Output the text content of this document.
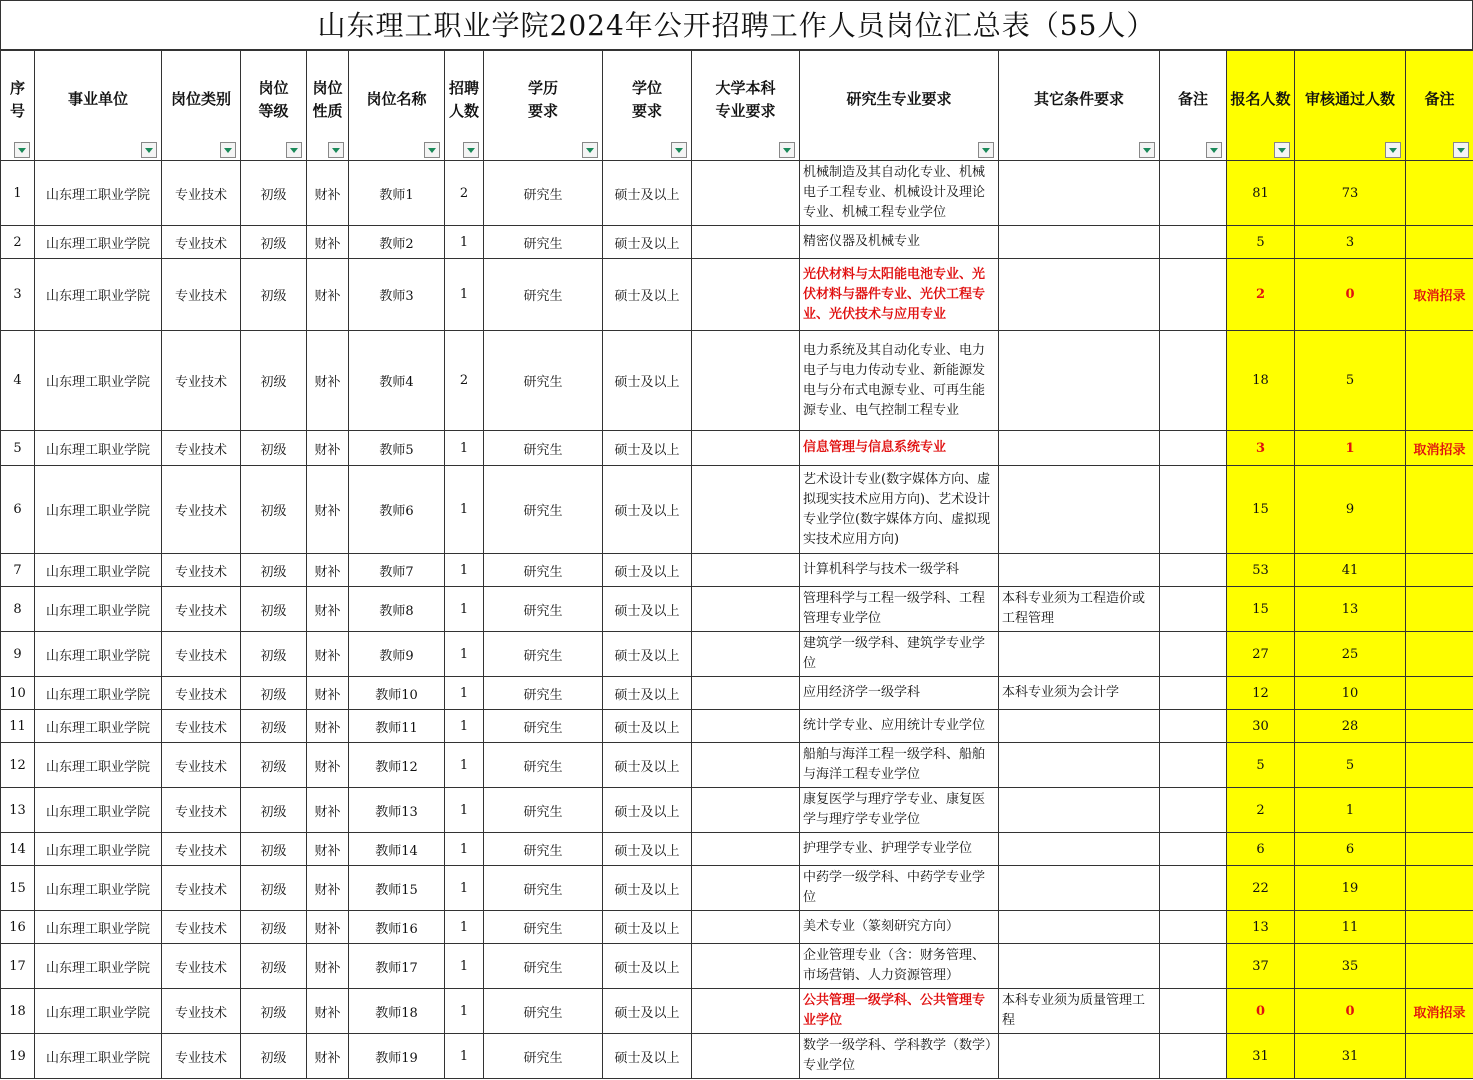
山东理工职业学院2024年公开招聘工作人员岗位汇总表（55人）
序号	事业单位	岗位类别	岗位等级	岗位性质	岗位名称	招聘人数	学历要求	学位要求	大学本科专业要求	研究生专业要求	其它条件要求	备注	报名人数	审核通过人数	备注

1	山东理工职业学院	专业技术	初级	财补	教师1	2	研究生	硕士及以上		机械制造及其自动化专业、机械电子工程专业、机械设计及理论专业、机械工程专业学位			81	73	
2	山东理工职业学院	专业技术	初级	财补	教师2	1	研究生	硕士及以上		精密仪器及机械专业			5	3	
3	山东理工职业学院	专业技术	初级	财补	教师3	1	研究生	硕士及以上		光伏材料与太阳能电池专业、光伏材料与器件专业、光伏工程专业、光伏技术与应用专业			2	0	取消招录
4	山东理工职业学院	专业技术	初级	财补	教师4	2	研究生	硕士及以上		电力系统及其自动化专业、电力电子与电力传动专业、新能源发电与分布式电源专业、可再生能源专业、电气控制工程专业			18	5	
5	山东理工职业学院	专业技术	初级	财补	教师5	1	研究生	硕士及以上		信息管理与信息系统专业			3	1	取消招录
6	山东理工职业学院	专业技术	初级	财补	教师6	1	研究生	硕士及以上		艺术设计专业(数字媒体方向、虚拟现实技术应用方向)、艺术设计专业学位(数字媒体方向、虚拟现实技术应用方向)			15	9	
7	山东理工职业学院	专业技术	初级	财补	教师7	1	研究生	硕士及以上		计算机科学与技术一级学科			53	41	
8	山东理工职业学院	专业技术	初级	财补	教师8	1	研究生	硕士及以上		管理科学与工程一级学科、工程管理专业学位	本科专业须为工程造价或工程管理		15	13	
9	山东理工职业学院	专业技术	初级	财补	教师9	1	研究生	硕士及以上		建筑学一级学科、建筑学专业学位			27	25	
10	山东理工职业学院	专业技术	初级	财补	教师10	1	研究生	硕士及以上		应用经济学一级学科	本科专业须为会计学		12	10	
11	山东理工职业学院	专业技术	初级	财补	教师11	1	研究生	硕士及以上		统计学专业、应用统计专业学位			30	28	
12	山东理工职业学院	专业技术	初级	财补	教师12	1	研究生	硕士及以上		船舶与海洋工程一级学科、船舶与海洋工程专业学位			5	5	
13	山东理工职业学院	专业技术	初级	财补	教师13	1	研究生	硕士及以上		康复医学与理疗学专业、康复医学与理疗学专业学位			2	1	
14	山东理工职业学院	专业技术	初级	财补	教师14	1	研究生	硕士及以上		护理学专业、护理学专业学位			6	6	
15	山东理工职业学院	专业技术	初级	财补	教师15	1	研究生	硕士及以上		中药学一级学科、中药学专业学位			22	19	
16	山东理工职业学院	专业技术	初级	财补	教师16	1	研究生	硕士及以上		美术专业（篆刻研究方向）			13	11	
17	山东理工职业学院	专业技术	初级	财补	教师17	1	研究生	硕士及以上		企业管理专业（含：财务管理、市场营销、人力资源管理）			37	35	
18	山东理工职业学院	专业技术	初级	财补	教师18	1	研究生	硕士及以上		公共管理一级学科、公共管理专业学位	本科专业须为质量管理工程		0	0	取消招录
19	山东理工职业学院	专业技术	初级	财补	教师19	1	研究生	硕士及以上		数学一级学科、学科教学（数学）专业学位			31	31	
